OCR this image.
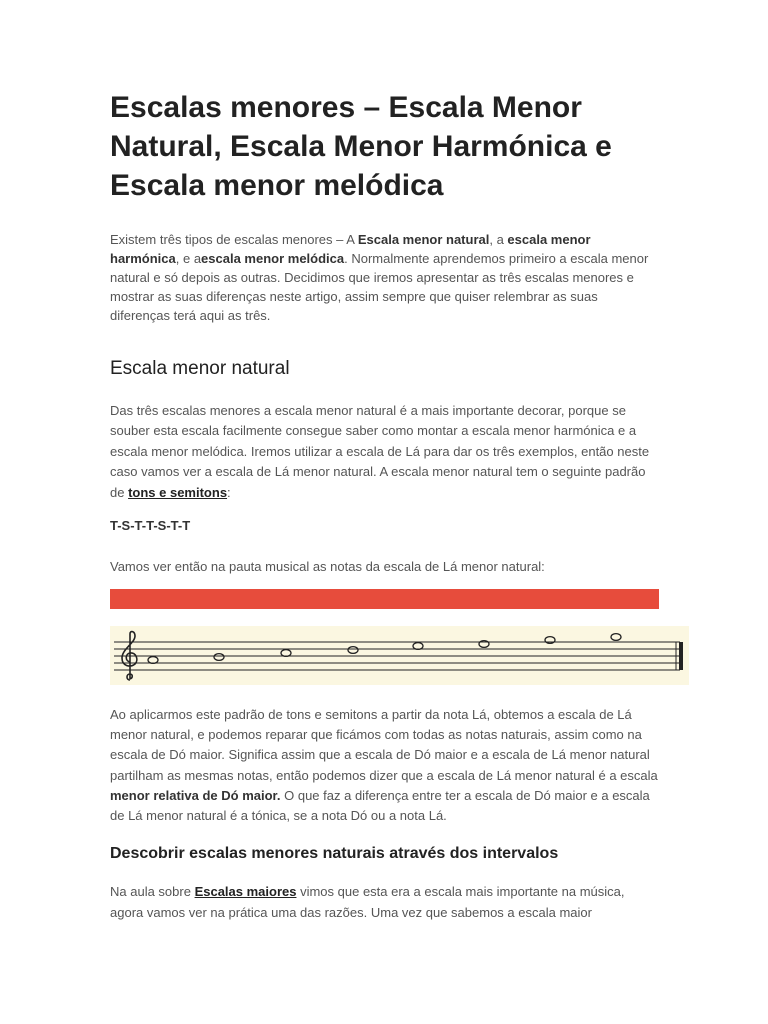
Escalas menores – Escala Menor Natural, Escala Menor Harmónica e Escala menor melódica

Existem três tipos de escalas menores – A Escala menor natural, a escala menor harmónica, e aescala menor melódica. Normalmente aprendemos primeiro a escala menor natural e só depois as outras. Decidimos que iremos apresentar as três escalas menores e mostrar as suas diferenças neste artigo, assim sempre que quiser relembrar as suas diferenças terá aqui as três.

Escala menor natural

Das três escalas menores a escala menor natural é a mais importante decorar, porque se souber esta escala facilmente consegue saber como montar a escala menor harmónica e a escala menor melódica. Iremos utilizar a escala de Lá para dar os três exemplos, então neste caso vamos ver a escala de Lá menor natural. A escala menor natural tem o seguinte padrão de tons e semitons:

T-S-T-T-S-T-T

Vamos ver então na pauta musical as notas da escala de Lá menor natural:

Ao aplicarmos este padrão de tons e semitons a partir da nota Lá, obtemos a escala de Lá menor natural, e podemos reparar que ficámos com todas as notas naturais, assim como na escala de Dó maior. Significa assim que a escala de Dó maior e a escala de Lá menor natural partilham as mesmas notas, então podemos dizer que a escala de Lá menor natural é a escala menor relativa de Dó maior. O que faz a diferença entre ter a escala de Dó maior e a escala de Lá menor natural é a tónica, se a nota Dó ou a nota Lá.

Descobrir escalas menores naturais através dos intervalos

Na aula sobre Escalas maiores vimos que esta era a escala mais importante na música, agora vamos ver na prática uma das razões. Uma vez que sabemos a escala maior
